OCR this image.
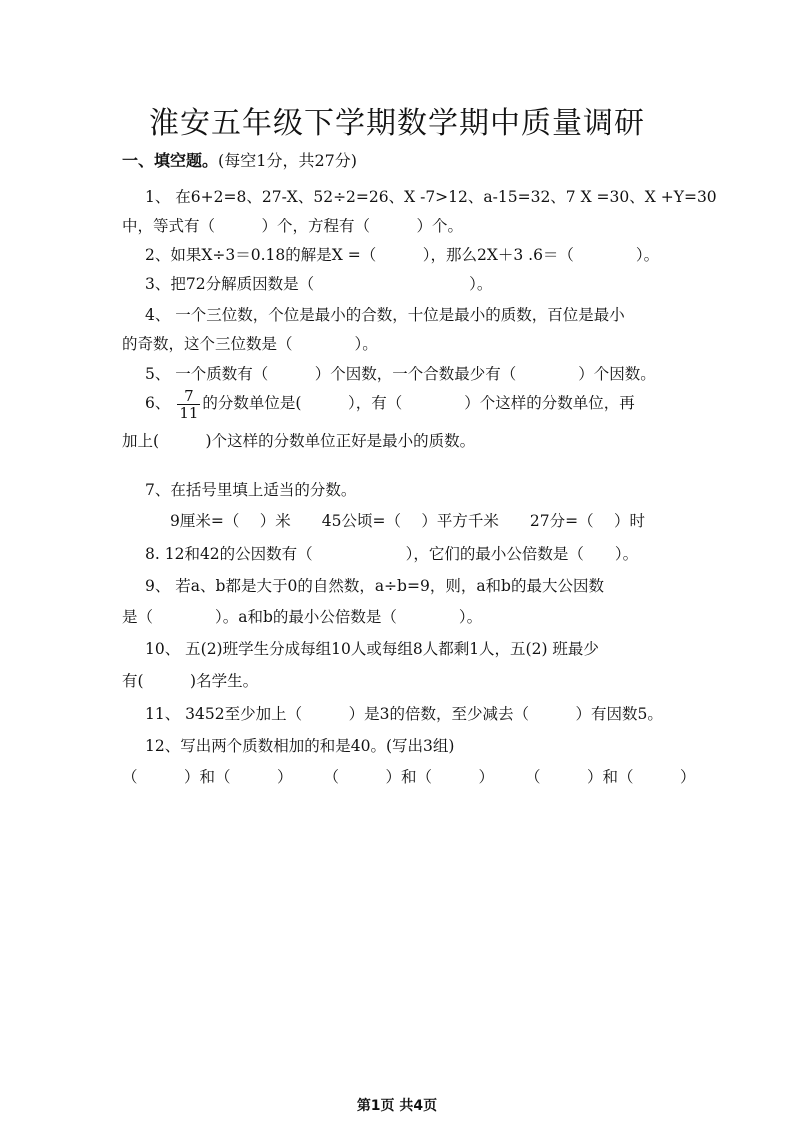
淮安五年级下学期数学期中质量调研
一、填空题。(每空1分，共27分)
1、 在6+2=8、27-X、52÷2=26、X -7>12、a-15=32、7 X =30、X +Y=30
中，等式有（　　　）个，方程有（　　　）个。
2、如果X÷3＝0.18的解是X =（　　　），那么2X＋3 .6＝（　　　　）。
3、把72分解质因数是（　　　　　　　　　　）。
4、 一个三位数，个位是最小的合数，十位是最小的质数，百位是最小
的奇数，这个三位数是（　　　　）。
5、 一个质数有（　　　）个因数，一个合数最少有（　　　　）个因数。
6、 $\frac{7}{11}$ 的分数单位是(　　　），有（　　　　）个这样的分数单位，再
加上(　　　)个这样的分数单位正好是最小的质数。
7、在括号里填上适当的分数。
9厘米=（　 ）米　　45公顷=（　 ）平方千米　　27分=（　 ）时
8. 12和42的公因数有（　　　　　　），它们的最小公倍数是（　　）。
9、 若a、b都是大于0的自然数，a÷b=9，则，a和b的最大公因数
是（　　　　）。a和b的最小公倍数是（　　　　）。
10、 五(2)班学生分成每组10人或每组8人都剩1人，五(2) 班最少
有(　　　)名学生。
11、 3452至少加上（　　　）是3的倍数，至少减去（　　　）有因数5。
12、写出两个质数相加的和是40。(写出3组)
（　　　）和（　　　）　　　（　　　）和（　　　）　　　（　　　）和（　　　）
第1页 共4页
